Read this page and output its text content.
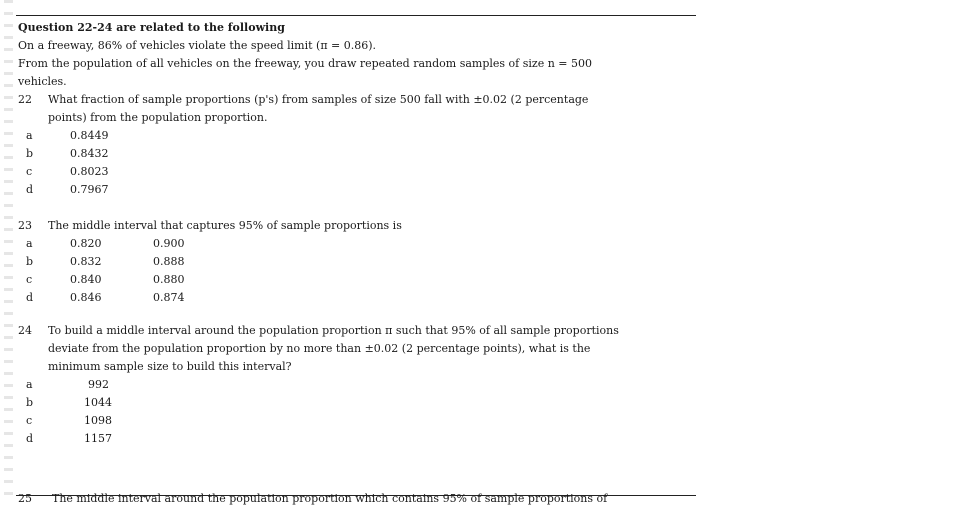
Question 22-24 are related to the following
On a freeway, 86% of vehicles violate the speed limit (π = 0.86).
From the population of all vehicles on the freeway, you draw repeated random samples of size n = 500
vehicles.
22 What fraction of sample proportions (p's) from samples of size 500 fall with ±0.02 (2 percentage
points) from the population proportion.
a	0.8449
b	0.8432
c	0.8023
d	0.7967
23 The middle interval that captures 95% of sample proportions is
a	0.820	0.900
b	0.832	0.888
c	0.840	0.880
d	0.846	0.874
24 To build a middle interval around the population proportion π such that 95% of all sample proportions
deviate from the population proportion by no more than ±0.02 (2 percentage points), what is the
minimum sample size to build this interval?
a	992
b	1044
c	1098
d	1157
25 The middle interval around the population proportion which contains 95% of sample proportions of
